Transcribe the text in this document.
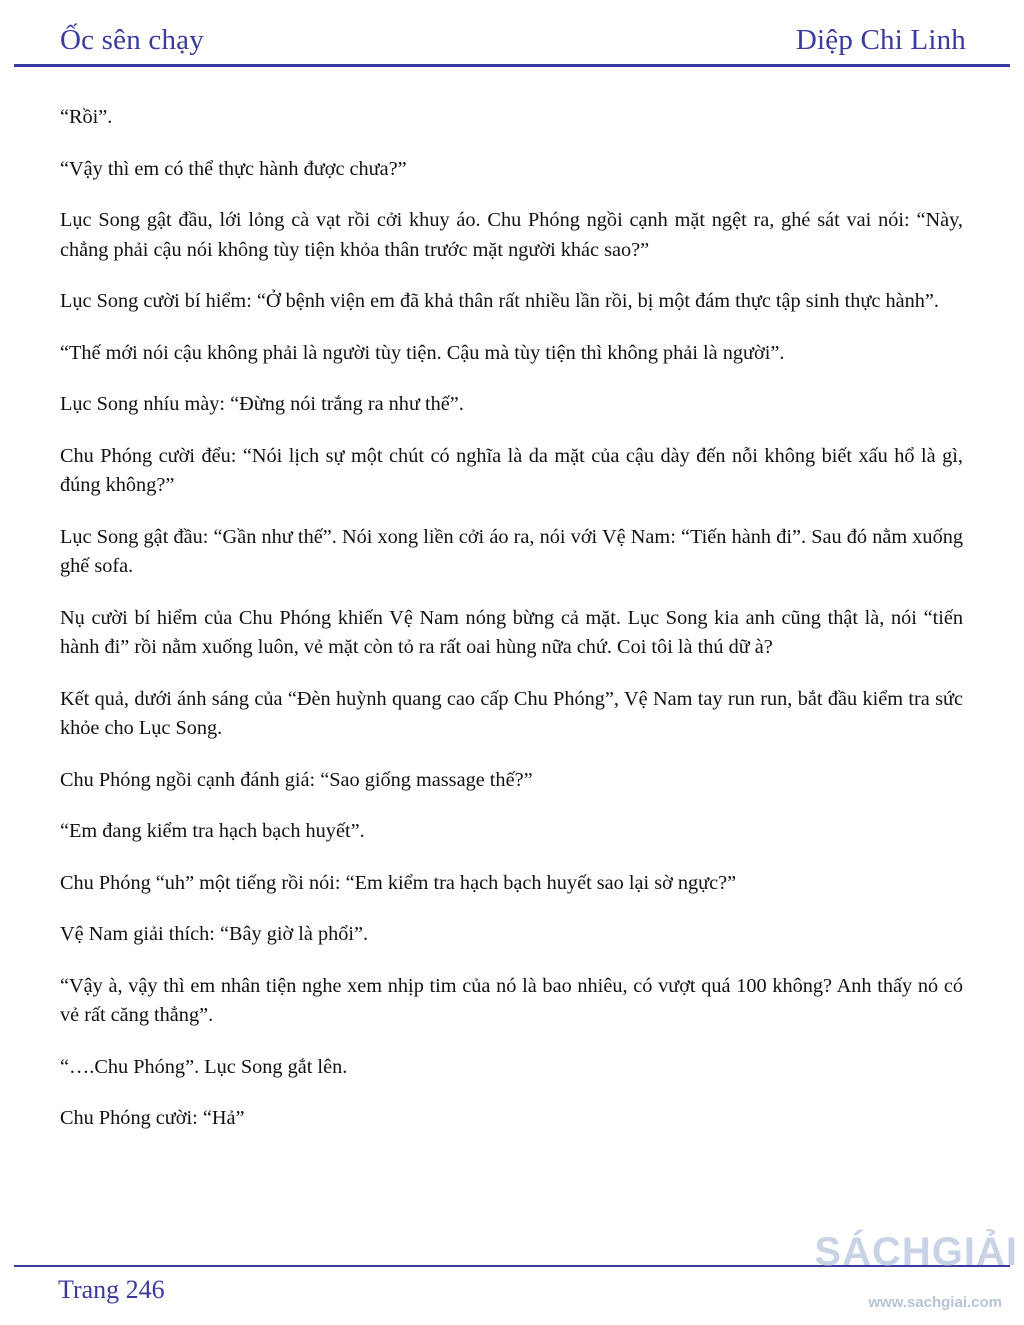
Ốc sên chạy	Diệp Chi Linh

“Rồi”.

“Vậy thì em có thể thực hành được chưa?”

Lục Song gật đầu, lới lỏng cà vạt rồi cởi khuy áo. Chu Phóng ngồi cạnh mặt ngệt ra, ghé sát vai nói: “Này, chẳng phải cậu nói không tùy tiện khỏa thân trước mặt người khác sao?”

Lục Song cười bí hiểm: “Ở bệnh viện em đã khả thân rất nhiều lần rồi, bị một đám thực tập sinh thực hành”.

“Thế mới nói cậu không phải là người tùy tiện. Cậu mà tùy tiện thì không phải là người”.

Lục Song nhíu mày: “Đừng nói trắng ra như thế”.

Chu Phóng cười đểu: “Nói lịch sự một chút có nghĩa là da mặt của cậu dày đến nỗi không biết xấu hổ là gì, đúng không?”

Lục Song gật đầu: “Gần như thế”. Nói xong liền cởi áo ra, nói với Vệ Nam: “Tiến hành đi”. Sau đó nằm xuống ghế sofa.

Nụ cười bí hiểm của Chu Phóng khiến Vệ Nam nóng bừng cả mặt. Lục Song kia anh cũng thật là, nói “tiến hành đi” rồi nằm xuống luôn, vẻ mặt còn tỏ ra rất oai hùng nữa chứ. Coi tôi là thú dữ à?

Kết quả, dưới ánh sáng của “Đèn huỳnh quang cao cấp Chu Phóng”, Vệ Nam tay run run, bắt đầu kiểm tra sức khỏe cho Lục Song.

Chu Phóng ngồi cạnh đánh giá: “Sao giống massage thế?”

“Em đang kiểm tra hạch bạch huyết”.

Chu Phóng “uh” một tiếng rồi nói: “Em kiểm tra hạch bạch huyết sao lại sờ ngực?”

Vệ Nam giải thích: “Bây giờ là phổi”.

“Vậy à, vậy thì em nhân tiện nghe xem nhịp tim của nó là bao nhiêu, có vượt quá 100 không? Anh thấy nó có vẻ rất căng thẳng”.

“….Chu Phóng”. Lục Song gắt lên.

Chu Phóng cười: “Hả”

Trang 246
SÁCHGIẢI
www.sachgiai.com
